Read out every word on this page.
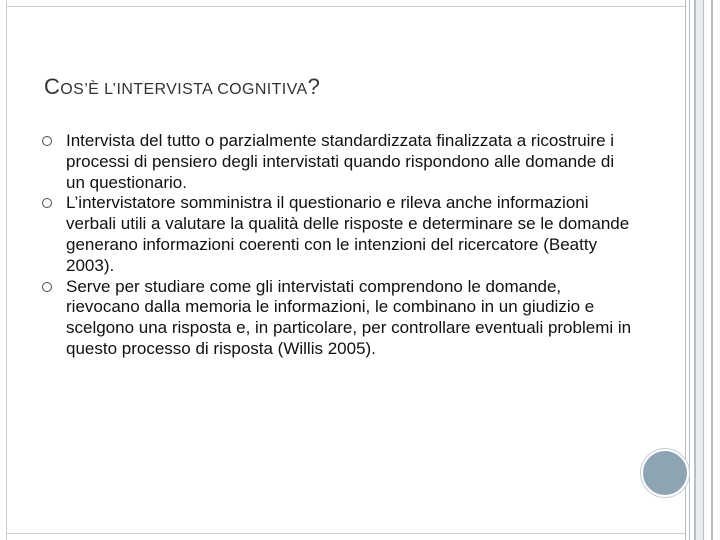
COS’È L’INTERVISTA COGNITIVA?
Intervista del tutto o parzialmente standardizzata finalizzata a ricostruire i processi di pensiero degli intervistati quando rispondono alle domande di un questionario.
L’intervistatore somministra il questionario e rileva anche informazioni verbali utili a valutare la qualità delle risposte e determinare se le domande generano informazioni coerenti con le intenzioni del ricercatore (Beatty 2003).
Serve per studiare come gli intervistati comprendono le domande, rievocano dalla memoria le informazioni, le combinano in un giudizio e scelgono una risposta e, in particolare, per controllare eventuali problemi in questo processo di risposta (Willis 2005).
